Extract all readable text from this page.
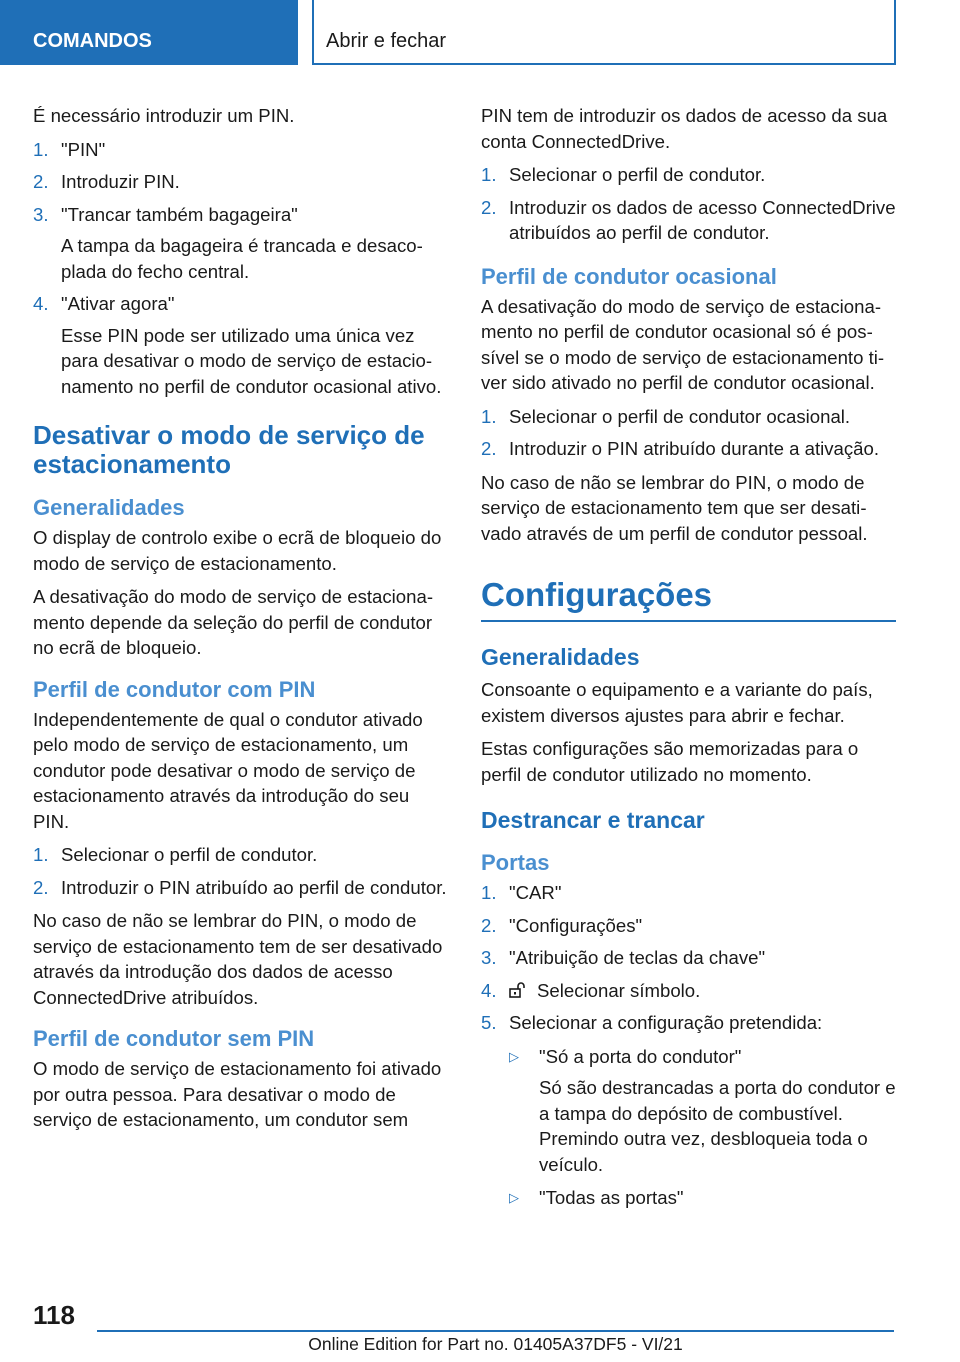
COMANDOS	Abrir e fechar

É necessário introduzir um PIN.

1. "PIN"
2. Introduzir PIN.
3. "Trancar também bagageira"
A tampa da bagageira é trancada e desacoplada do fecho central.
4. "Ativar agora"
Esse PIN pode ser utilizado uma única vez para desativar o modo de serviço de estacionamento no perfil de condutor ocasional ativo.
Desativar o modo de serviço de estacionamento
Generalidades

O display de controlo exibe o ecrã de bloqueio do modo de serviço de estacionamento.

A desativação do modo de serviço de estacionamento depende da seleção do perfil de condutor no ecrã de bloqueio.

Perfil de condutor com PIN

Independentemente de qual o condutor ativado pelo modo de serviço de estacionamento, um condutor pode desativar o modo de serviço de estacionamento através da introdução do seu PIN.

1. Selecionar o perfil de condutor.
2. Introduzir o PIN atribuído ao perfil de condutor.

No caso de não se lembrar do PIN, o modo de serviço de estacionamento tem de ser desativado através da introdução dos dados de acesso ConnectedDrive atribuídos.

Perfil de condutor sem PIN

O modo de serviço de estacionamento foi ativado por outra pessoa. Para desativar o modo de serviço de estacionamento, um condutor sem

PIN tem de introduzir os dados de acesso da sua conta ConnectedDrive.

1. Selecionar o perfil de condutor.
2. Introduzir os dados de acesso ConnectedDrive atribuídos ao perfil de condutor.
Perfil de condutor ocasional

A desativação do modo de serviço de estacionamento no perfil de condutor ocasional só é possível se o modo de serviço de estacionamento tiver sido ativado no perfil de condutor ocasional.

1. Selecionar o perfil de condutor ocasional.
2. Introduzir o PIN atribuído durante a ativação.

No caso de não se lembrar do PIN, o modo de serviço de estacionamento tem que ser desativado através de um perfil de condutor pessoal.

Configurações
Generalidades

Consoante o equipamento e a variante do país, existem diversos ajustes para abrir e fechar.

Estas configurações são memorizadas para o perfil de condutor utilizado no momento.

Destrancar e trancar
Portas
1. "CAR"
2. "Configurações"
3. "Atribuição de teclas da chave"
4. Selecionar símbolo.
5. Selecionar a configuração pretendida:
▷ "Só a porta do condutor"
Só são destrancadas a porta do condutor e a tampa do depósito de combustível. Premindo outra vez, desbloqueia toda o veículo.
▷ "Todas as portas"
118
Online Edition for Part no. 01405A37DF5 - VI/21
